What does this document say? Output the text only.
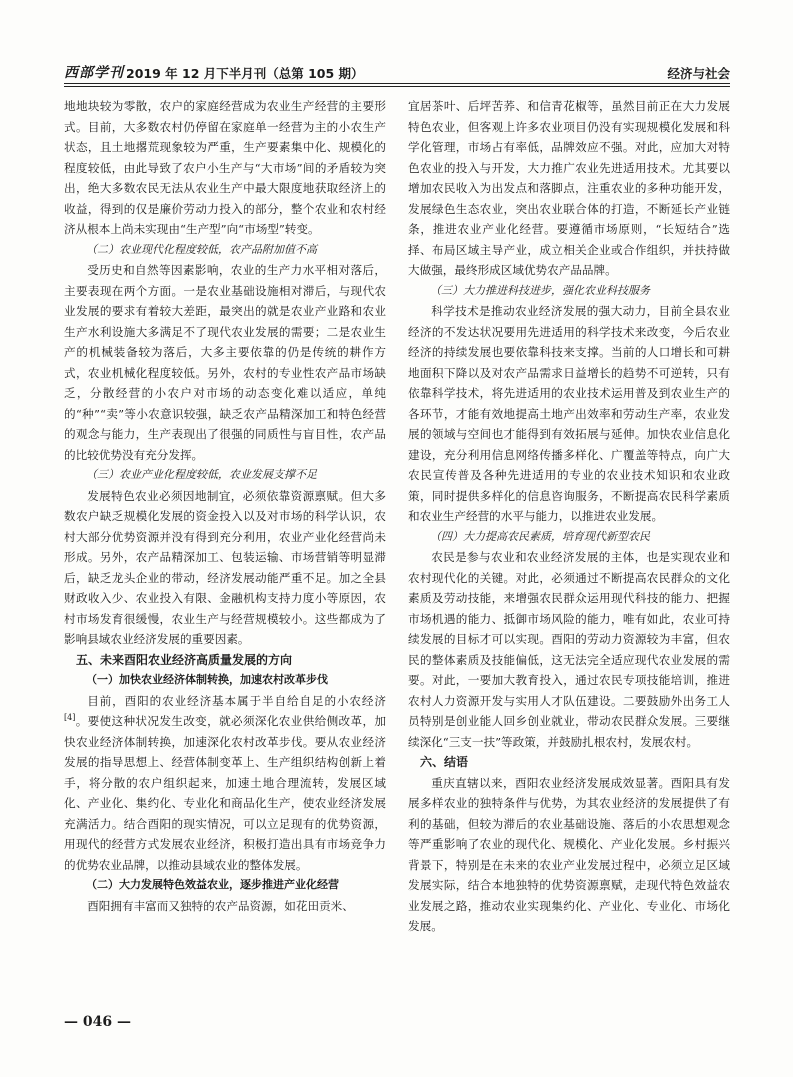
西部学刊 2019 年 12 月下半月刊（总第 105 期）	经济与社会

地地块较为零散，农户的家庭经营成为农业生产经营的主要形式。目前，大多数农村仍停留在家庭单一经营为主的小农生产状态，且土地撂荒现象较为严重，生产要素集中化、规模化的程度较低，由此导致了农户小生产与“大市场”间的矛盾较为突出，绝大多数农民无法从农业生产中最大限度地获取经济上的收益，得到的仅是廉价劳动力投入的部分，整个农业和农村经济从根本上尚未实现由“生产型”向“市场型”转变。

（二）农业现代化程度较低，农产品附加值不高

受历史和自然等因素影响，农业的生产力水平相对落后，主要表现在两个方面。一是农业基础设施相对滞后，与现代农业发展的要求有着较大差距，最突出的就是农业产业路和农业生产水利设施大多满足不了现代农业发展的需要；二是农业生产的机械装备较为落后，大多主要依靠的仍是传统的耕作方式，农业机械化程度较低。另外，农村的专业性农产品市场缺乏，分散经营的小农户对市场的动态变化难以适应，单纯的“种”“卖”等小农意识较强，缺乏农产品精深加工和特色经营的观念与能力，生产表现出了很强的同质性与盲目性，农产品的比较优势没有充分发挥。

（三）农业产业化程度较低，农业发展支撑不足

发展特色农业必须因地制宜，必须依靠资源禀赋。但大多数农户缺乏规模化发展的资金投入以及对市场的科学认识，农村大部分优势资源并没有得到充分利用，农业产业化经营尚未形成。另外，农产品精深加工、包装运输、市场营销等明显滞后，缺乏龙头企业的带动，经济发展动能严重不足。加之全县财政收入少、农业投入有限、金融机构支持力度小等原因，农村市场发育很缓慢，农业生产与经营规模较小。这些都成为了影响县域农业经济发展的重要因素。

五、未来酉阳农业经济高质量发展的方向
（一）加快农业经济体制转换，加速农村改革步伐

目前，酉阳的农业经济基本属于半自给自足的小农经济[4]。要使这种状况发生改变，就必须深化农业供给侧改革，加快农业经济体制转换，加速深化农村改革步伐。要从农业经济发展的指导思想上、经营体制变革上、生产组织结构创新上着手，将分散的农户组织起来，加速土地合理流转，发展区域化、产业化、集约化、专业化和商品化生产，使农业经济发展充满活力。结合酉阳的现实情况，可以立足现有的优势资源，用现代的经营方式发展农业经济，积极打造出具有市场竞争力的优势农业品牌，以推动县域农业的整体发展。

（二）大力发展特色效益农业，逐步推进产业化经营

酉阳拥有丰富而又独特的农产品资源，如花田贡米、

宜居茶叶、后坪苦荞、和信青花椒等，虽然目前正在大力发展特色农业，但客观上许多农业项目仍没有实现规模化发展和科学化管理，市场占有率低，品牌效应不强。对此，应加大对特色农业的投入与开发，大力推广农业先进适用技术。尤其要以增加农民收入为出发点和落脚点，注重农业的多种功能开发，发展绿色生态农业，突出农业联合体的打造，不断延长产业链条，推进农业产业化经营。要遵循市场原则，“长短结合”选择、布局区域主导产业，成立相关企业或合作组织，并扶持做大做强，最终形成区域优势农产品品牌。

（三）大力推进科技进步，强化农业科技服务

科学技术是推动农业经济发展的强大动力，目前全县农业经济的不发达状况要用先进适用的科学技术来改变，今后农业经济的持续发展也要依靠科技来支撑。当前的人口增长和可耕地面积下降以及对农产品需求日益增长的趋势不可逆转，只有依靠科学技术，将先进适用的农业技术运用普及到农业生产的各环节，才能有效地提高土地产出效率和劳动生产率，农业发展的领域与空间也才能得到有效拓展与延伸。加快农业信息化建设，充分利用信息网络传播多样化、广覆盖等特点，向广大农民宣传普及各种先进适用的专业的农业技术知识和农业政策，同时提供多样化的信息咨询服务，不断提高农民科学素质和农业生产经营的水平与能力，以推进农业发展。

（四）大力提高农民素质，培育现代新型农民

农民是参与农业和农业经济发展的主体，也是实现农业和农村现代化的关键。对此，必须通过不断提高农民群众的文化素质及劳动技能，来增强农民群众运用现代科技的能力、把握市场机遇的能力、抵御市场风险的能力，唯有如此，农业可持续发展的目标才可以实现。酉阳的劳动力资源较为丰富，但农民的整体素质及技能偏低，这无法完全适应现代农业发展的需要。对此，一要加大教育投入，通过农民专项技能培训，推进农村人力资源开发与实用人才队伍建设。二要鼓励外出务工人员特别是创业能人回乡创业就业，带动农民群众发展。三要继续深化“三支一扶”等政策，并鼓励扎根农村，发展农村。

六、结语

重庆直辖以来，酉阳农业经济发展成效显著。酉阳具有发展多样农业的独特条件与优势，为其农业经济的发展提供了有利的基础，但较为滞后的农业基础设施、落后的小农思想观念等严重影响了农业的现代化、规模化、产业化发展。乡村振兴背景下，特别是在未来的农业产业发展过程中，必须立足区域发展实际，结合本地独特的优势资源禀赋，走现代特色效益农业发展之路，推动农业实现集约化、产业化、专业化、市场化发展。

— 046 —
